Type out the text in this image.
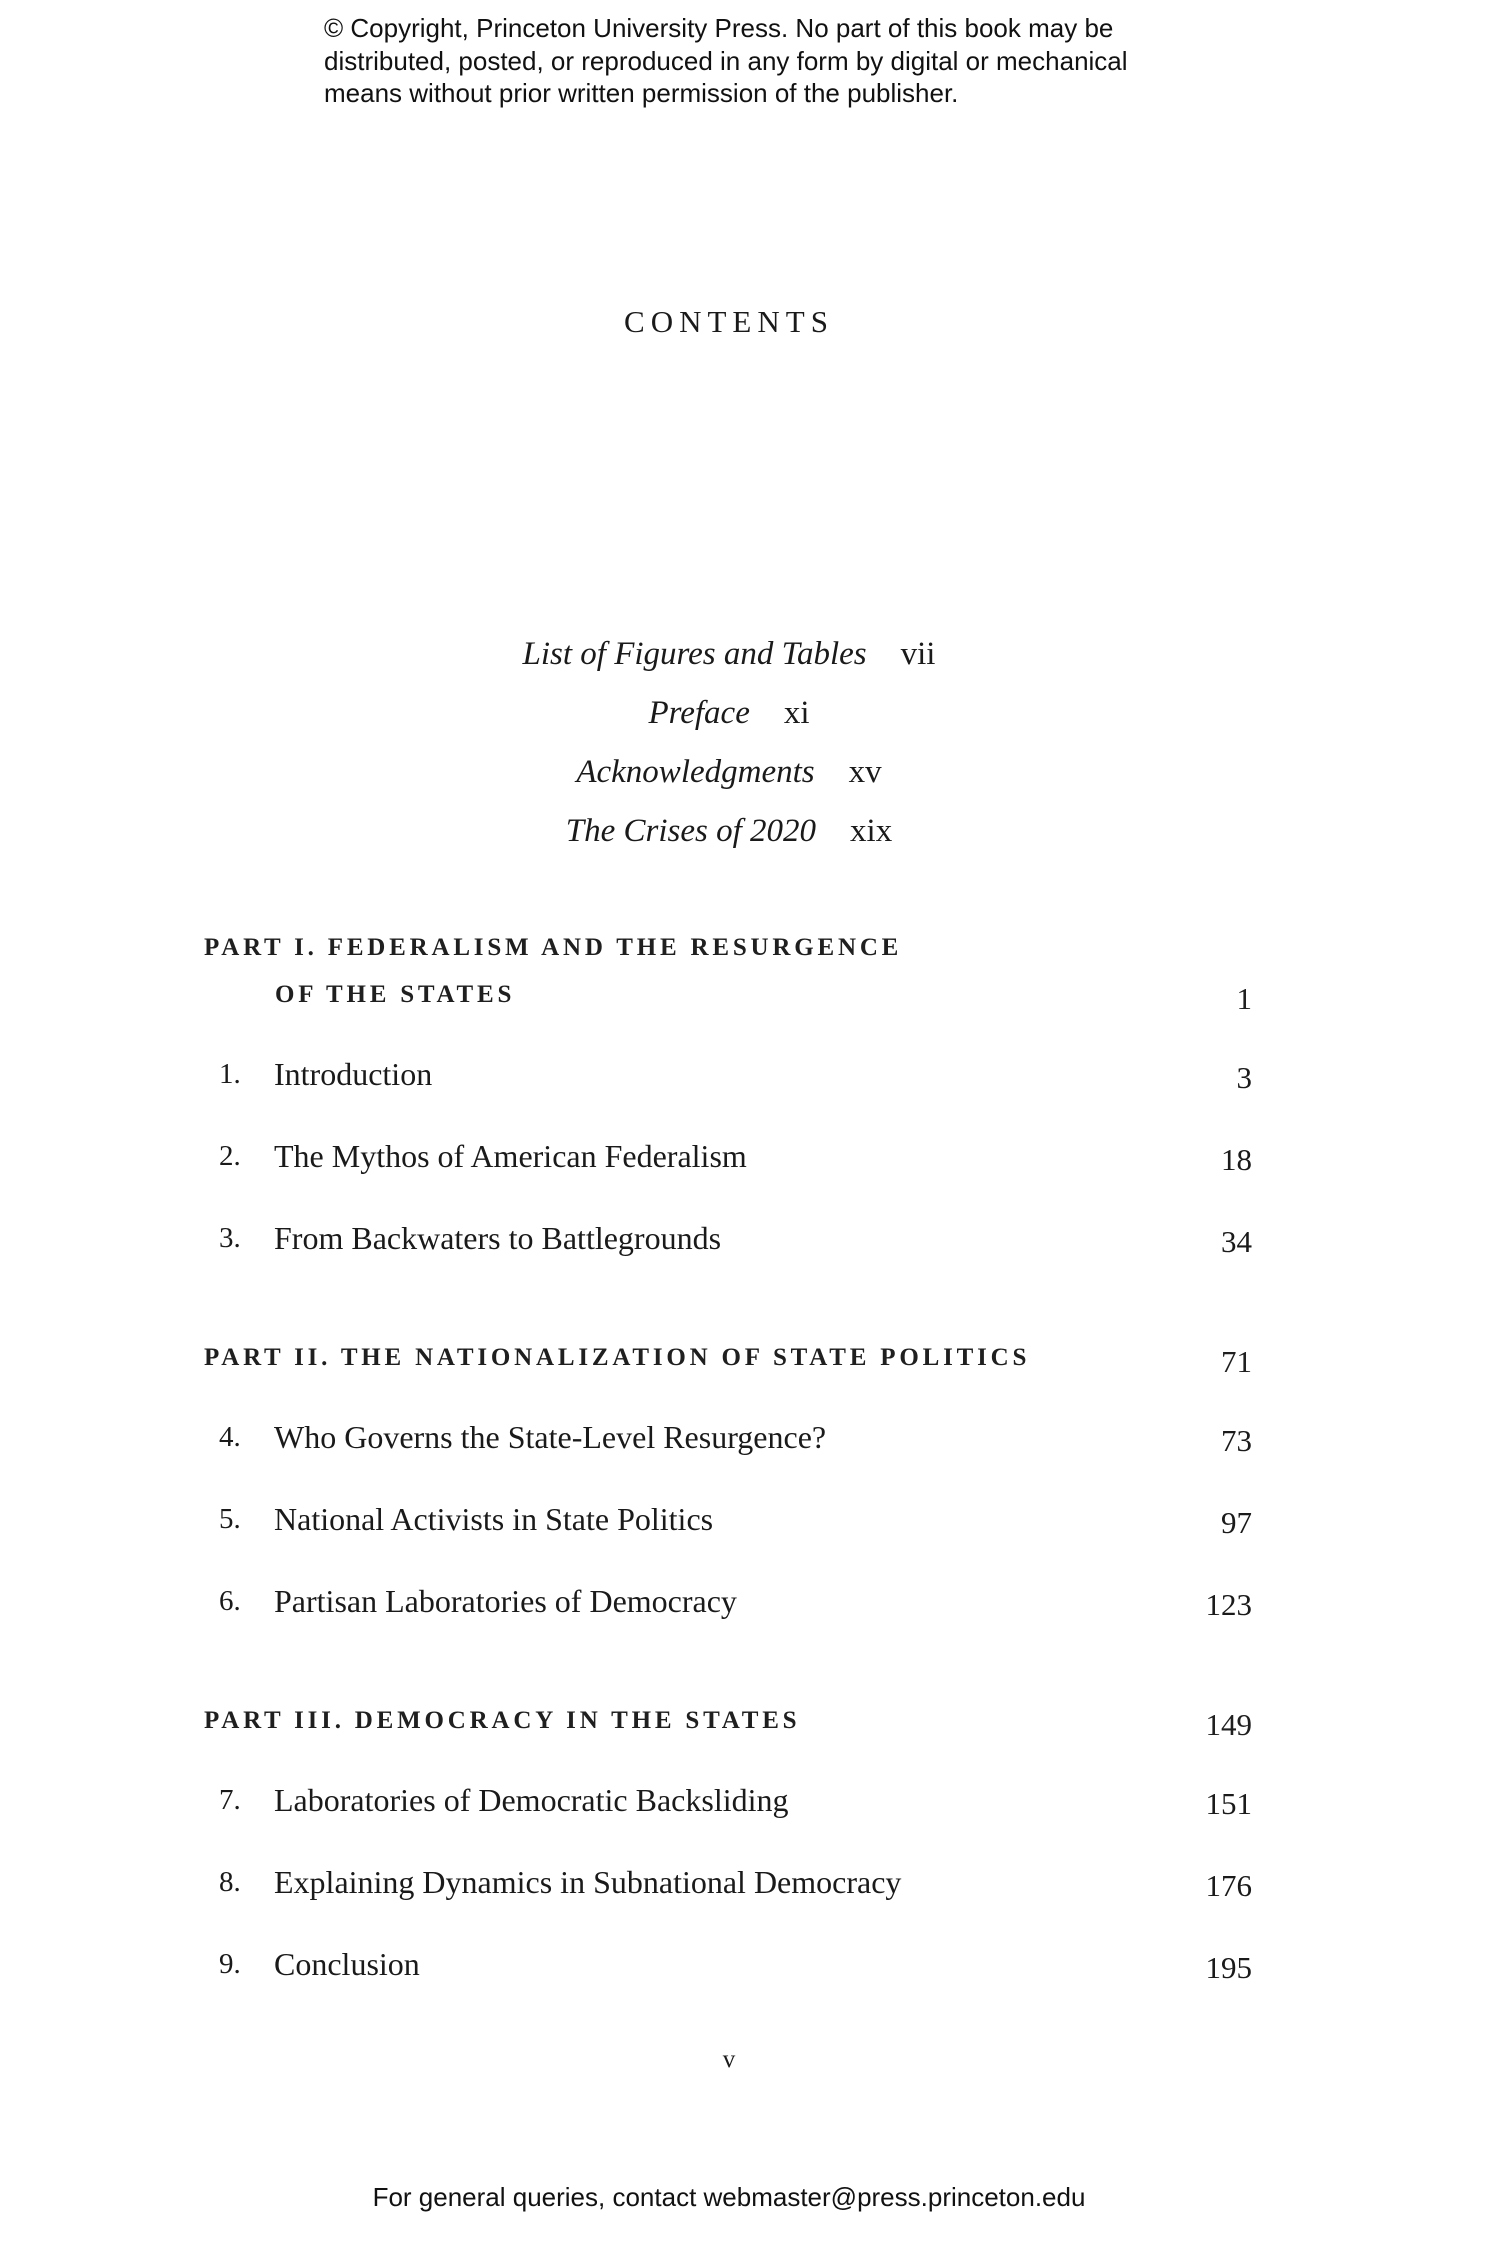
© Copyright, Princeton University Press. No part of this book may be
distributed, posted, or reproduced in any form by digital or mechanical
means without prior written permission of the publisher.
CONTENTS
List of Figures and Tables vii
Preface xi
Acknowledgments xv
The Crises of 2020 xix
PART I. FEDERALISM AND THE RESURGENCE
OF THE STATES	1
1. Introduction	3
2. The Mythos of American Federalism	18
3. From Backwaters to Battlegrounds	34
PART II. THE NATIONALIZATION OF STATE POLITICS	71
4. Who Governs the State-Level Resurgence?	73
5. National Activists in State Politics	97
6. Partisan Laboratories of Democracy	123
PART III. DEMOCRACY IN THE STATES	149
7. Laboratories of Democratic Backsliding	151
8. Explaining Dynamics in Subnational Democracy	176
9. Conclusion	195
v
For general queries, contact webmaster@press.princeton.edu
